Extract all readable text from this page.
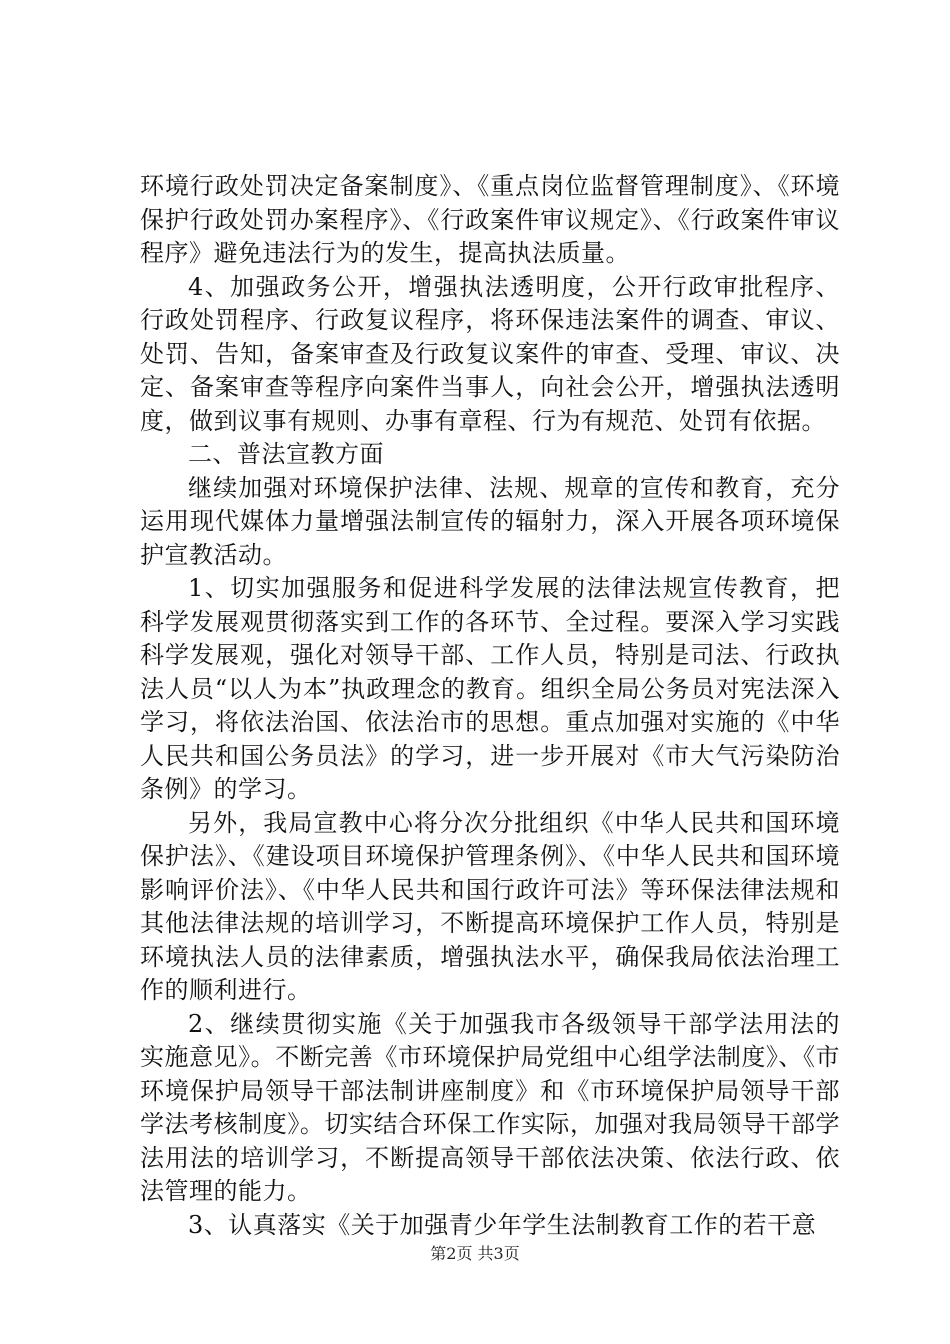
环境行政处罚决定备案制度》、《重点岗位监督管理制度》、《环境保护行政处罚办案程序》、《行政案件审议规定》、《行政案件审议程序》避免违法行为的发生，提高执法质量。

4、加强政务公开，增强执法透明度，公开行政审批程序、行政处罚程序、行政复议程序，将环保违法案件的调查、审议、处罚、告知，备案审查及行政复议案件的审查、受理、审议、决定、备案审查等程序向案件当事人，向社会公开，增强执法透明度，做到议事有规则、办事有章程、行为有规范、处罚有依据。

二、普法宣教方面

继续加强对环境保护法律、法规、规章的宣传和教育，充分运用现代媒体力量增强法制宣传的辐射力，深入开展各项环境保护宣教活动。

1、切实加强服务和促进科学发展的法律法规宣传教育，把科学发展观贯彻落实到工作的各环节、全过程。要深入学习实践科学发展观，强化对领导干部、工作人员，特别是司法、行政执法人员“以人为本”执政理念的教育。组织全局公务员对宪法深入学习，将依法治国、依法治市的思想。重点加强对实施的《中华人民共和国公务员法》的学习，进一步开展对《市大气污染防治条例》的学习。

另外，我局宣教中心将分次分批组织《中华人民共和国环境保护法》、《建设项目环境保护管理条例》、《中华人民共和国环境影响评价法》、《中华人民共和国行政许可法》等环保法律法规和其他法律法规的培训学习，不断提高环境保护工作人员，特别是环境执法人员的法律素质，增强执法水平，确保我局依法治理工作的顺利进行。

2、继续贯彻实施《关于加强我市各级领导干部学法用法的实施意见》。不断完善《市环境保护局党组中心组学法制度》、《市环境保护局领导干部法制讲座制度》和《市环境保护局领导干部学法考核制度》。切实结合环保工作实际，加强对我局领导干部学法用法的培训学习，不断提高领导干部依法决策、依法行政、依法管理的能力。

3、认真落实《关于加强青少年学生法制教育工作的若干意

第2页 共3页
